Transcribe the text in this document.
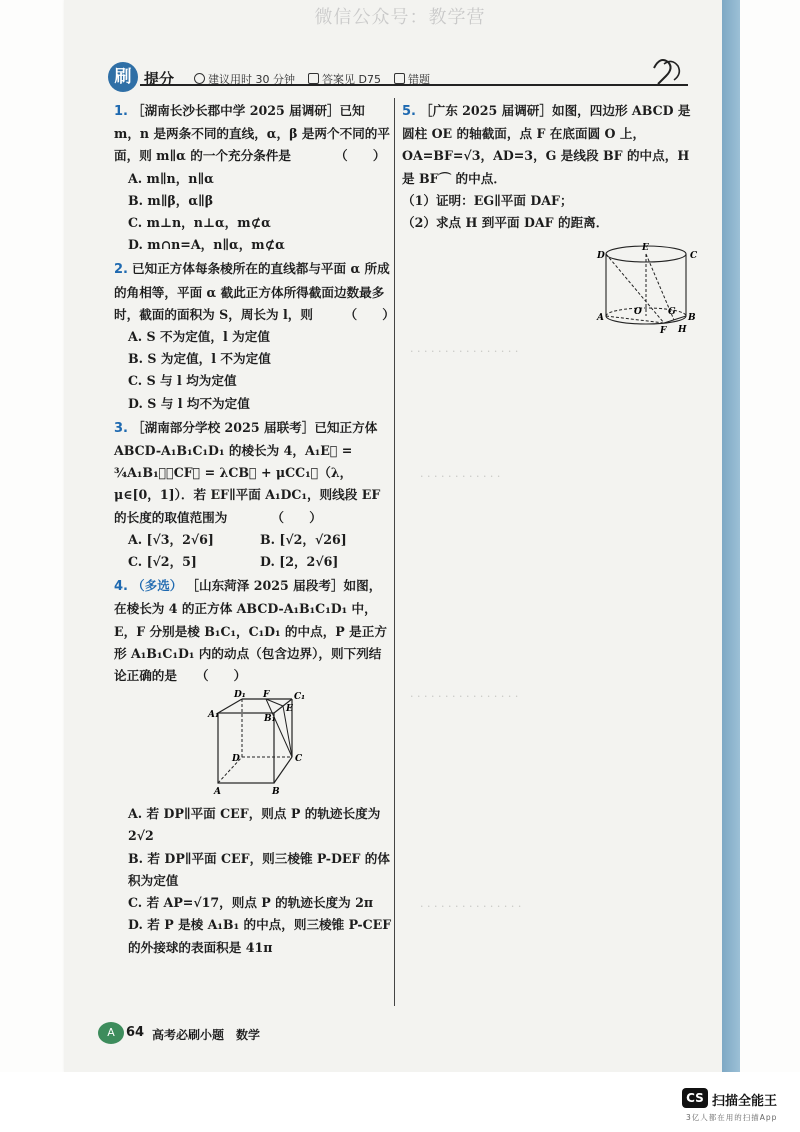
微信公众号：教学营
· · · · · · · · · · · · · · · ·
· · · · · · · · · · · ·
· · · · · · · · · · · · · · · ·
· · · · · · · · · · · · · · ·
刷 提分	建议用时 30 分钟	答案见 D75	错题 ___
1. ［湖南长沙长郡中学 2025 届调研］已知 m，n 是两条不同的直线，α，β 是两个不同的平面，则 m∥α 的一个充分条件是　　　　（　　）
A. m∥n，n∥α
B. m∥β，α∥β
C. m⊥n，n⊥α，m⊄α
D. m∩n=A，n∥α，m⊄α
2. 已知正方体每条棱所在的直线都与平面 α 所成的角相等，平面 α 截此正方体所得截面边数最多时，截面的面积为 S，周长为 l，则　　　（　　）
A. S 不为定值，l 为定值
B. S 为定值，l 不为定值
C. S 与 l 均为定值
D. S 与 l 均不为定值
3. ［湖南部分学校 2025 届联考］已知正方体 ABCD-A₁B₁C₁D₁ 的棱长为 4，A₁E⃗ = ¾A₁B₁⃗，CF⃗ = λCB⃗ + μCC₁⃗（λ，μ∈[0，1]）．若 EF∥平面 A₁DC₁，则线段 EF 的长度的取值范围为　　　　（　　）
A. [√3，2√6]	B. [√2，√26]
C. [√2，5]	D. [2，2√6]
4. （多选） ［山东菏泽 2025 届段考］如图，在棱长为 4 的正方体 ABCD-A₁B₁C₁D₁ 中，E，F 分别是棱 B₁C₁，C₁D₁ 的中点，P 是正方形 A₁B₁C₁D₁ 内的动点（包含边界），则下列结论正确的是　　（　　）
D₁ F	C₁
A₁
E
B₁
D	C
A	B
A. 若 DP∥平面 CEF，则点 P 的轨迹长度为 2√2
B. 若 DP∥平面 CEF，则三棱锥 P-DEF 的体积为定值
C. 若 AP=√17，则点 P 的轨迹长度为 2π
D. 若 P 是棱 A₁B₁ 的中点，则三棱锥 P-CEF 的外接球的表面积是 41π
5. ［广东 2025 届调研］如图，四边形 ABCD 是圆柱 OE 的轴截面，点 F 在底面圆 O 上，OA=BF=√3，AD=3，G 是线段 BF 的中点，H 是 BF⌒ 的中点．
（1）证明：EG∥平面 DAF；
（2）求点 H 到平面 DAF 的距离．
D
E
C
A
O	G
B
F H
A 64 高考必刷小题　数学
CS 扫描全能王
3亿人都在用的扫描App
